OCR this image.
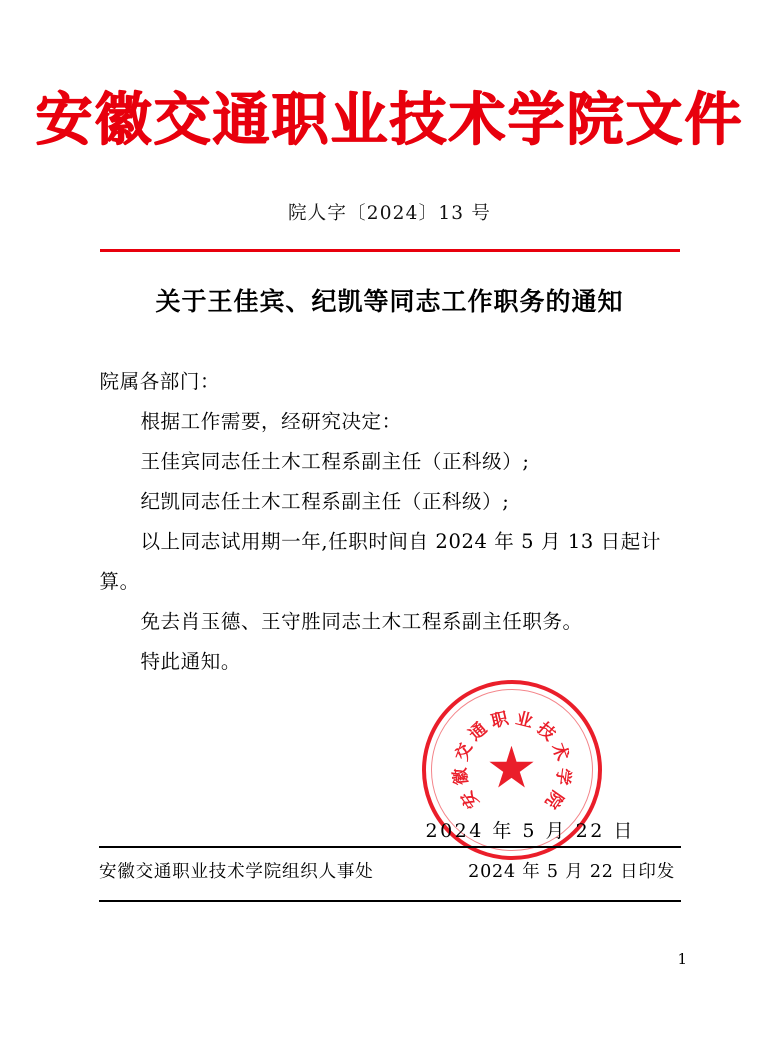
安徽交通职业技术学院文件
院人字〔2024〕13 号
关于王佳宾、纪凯等同志工作职务的通知
院属各部门：
根据工作需要，经研究决定：
王佳宾同志任土木工程系副主任（正科级）;
纪凯同志任土木工程系副主任（正科级）;
以上同志试用期一年,任职时间自 2024 年 5 月 13 日起计算。
免去肖玉德、王守胜同志土木工程系副主任职务。
特此通知。
安
徽
交
通
职 业
技
术
学
院
2024 年 5 月 22 日
安徽交通职业技术学院组织人事处	2024 年 5 月 22 日印发
1
